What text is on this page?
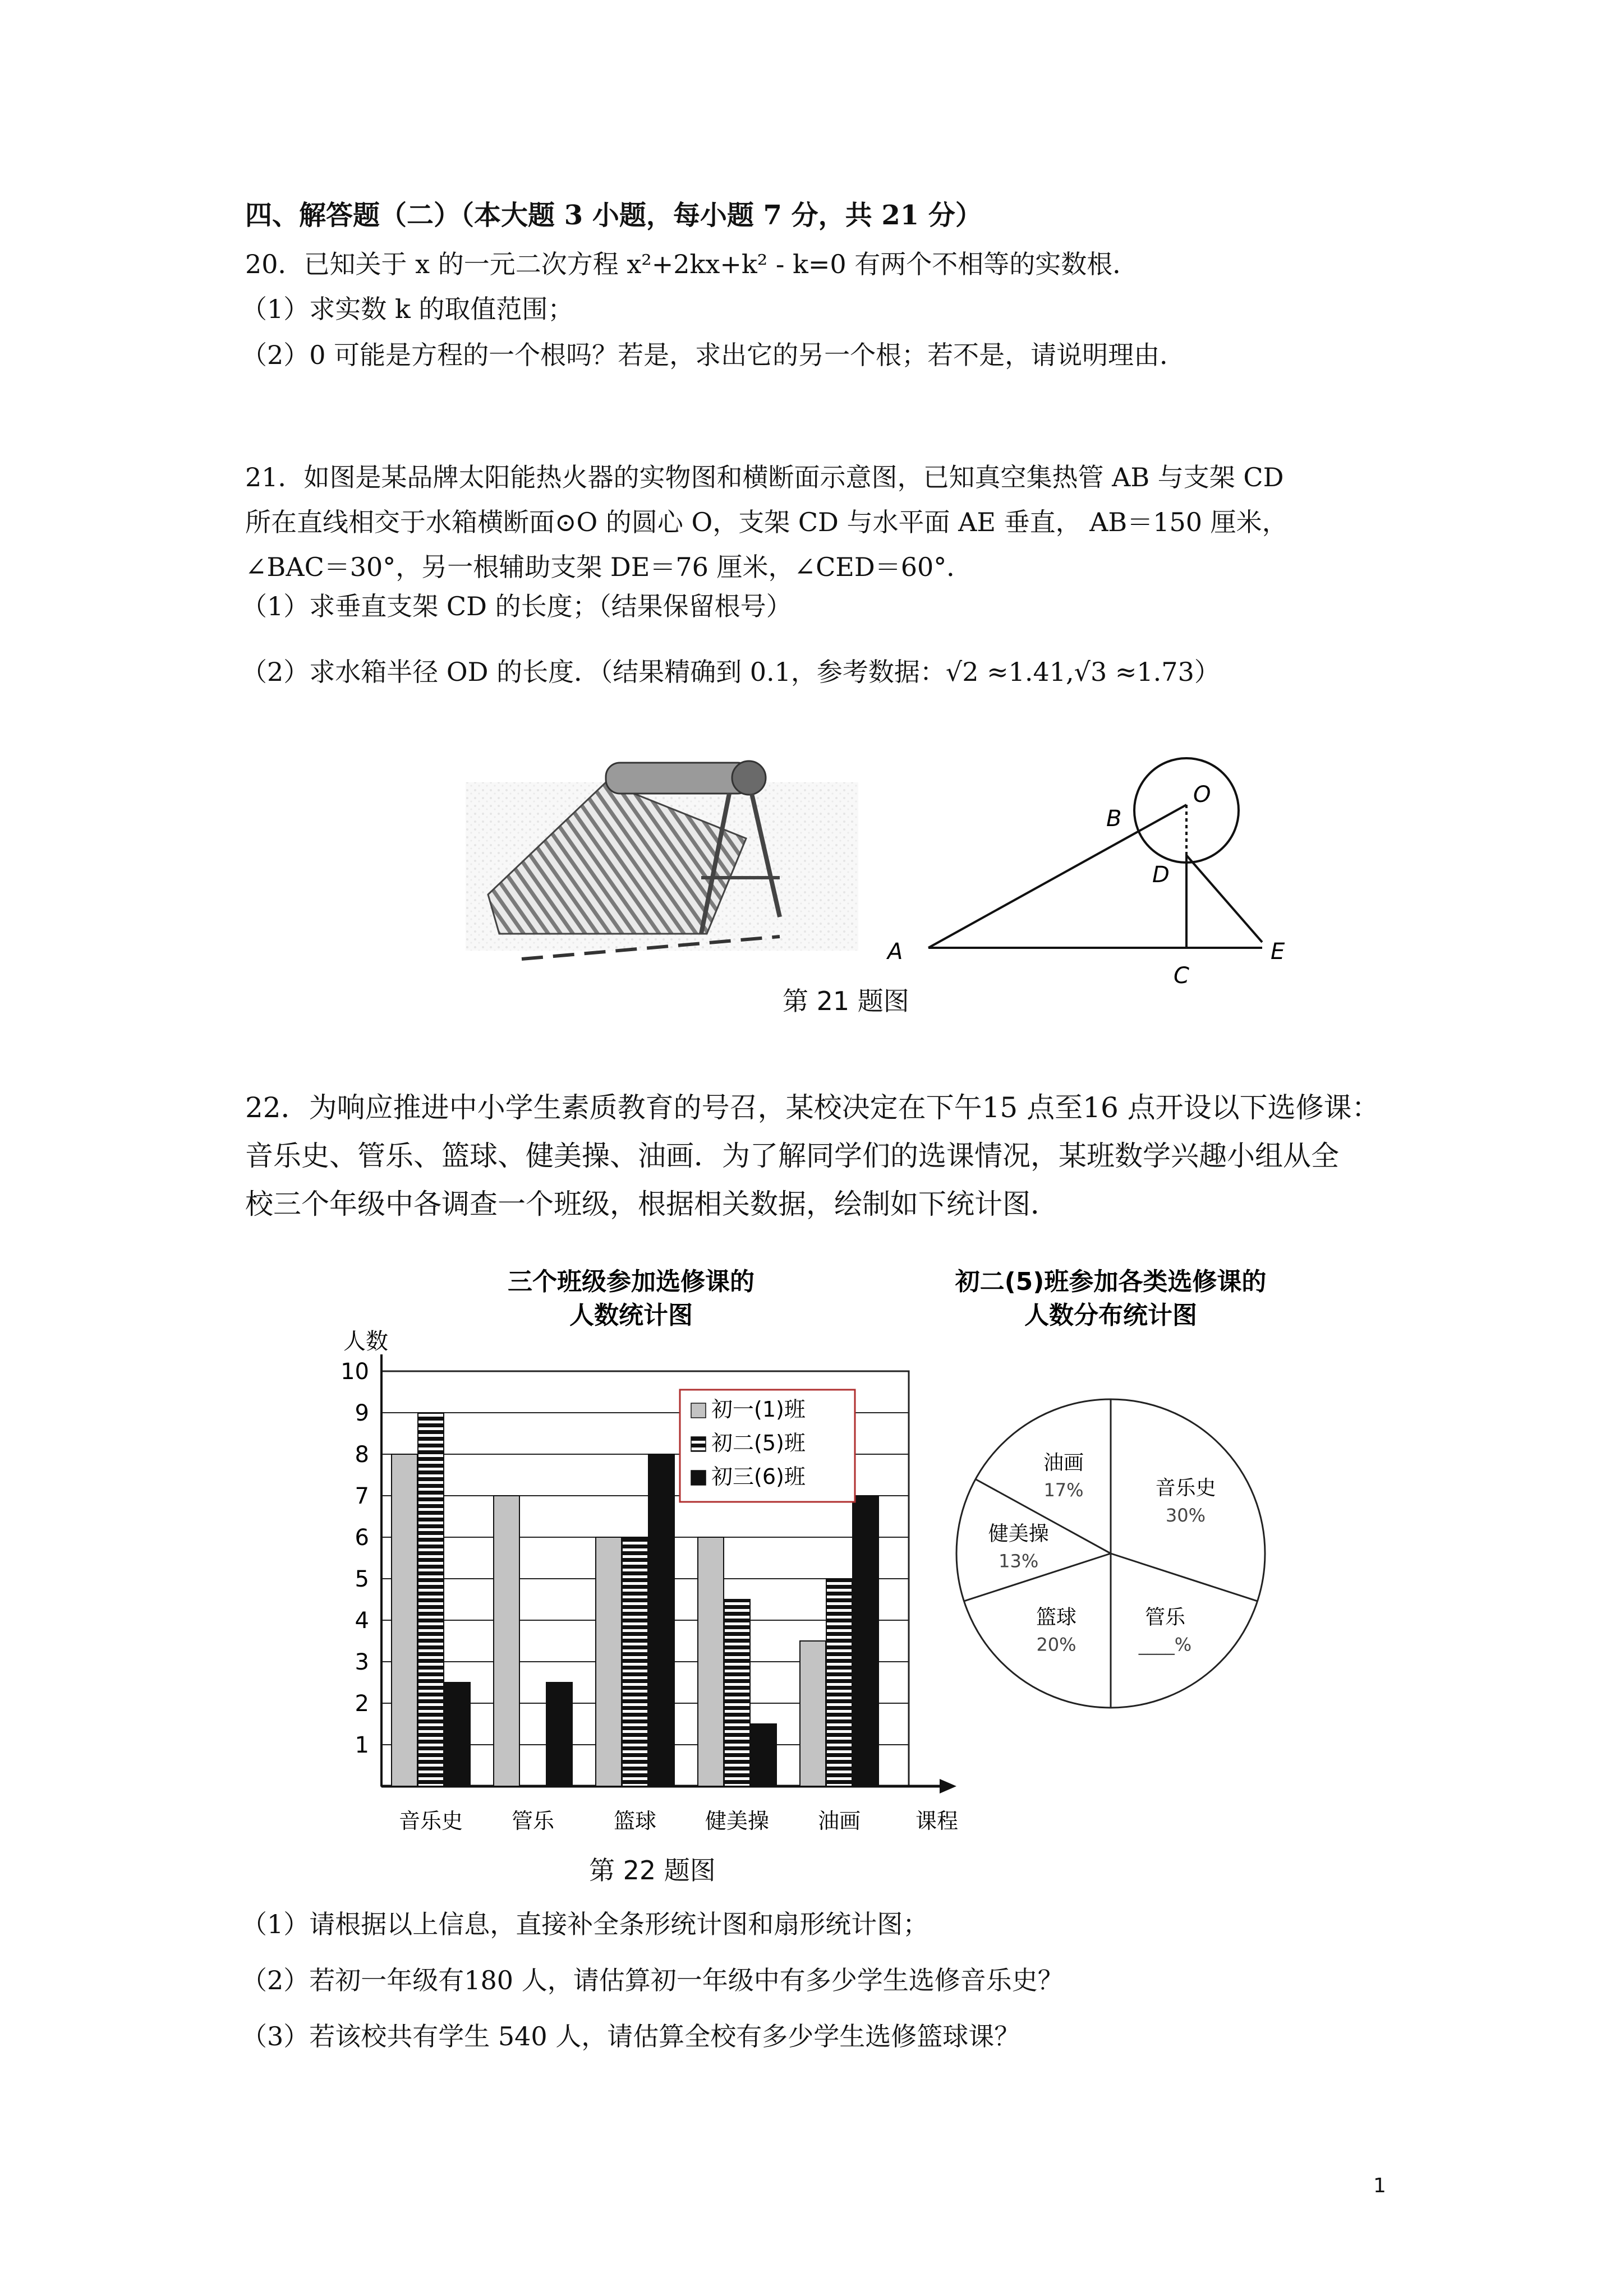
四、解答题（二）（本大题 3 小题，每小题 7 分，共 21 分）
20．已知关于 x 的一元二次方程 x²+2kx+k² - k=0 有两个不相等的实数根．
（1）求实数 k 的取值范围；
（2）0 可能是方程的一个根吗？若是，求出它的另一个根；若不是，请说明理由．
21．如图是某品牌太阳能热火器的实物图和横断面示意图，已知真空集热管 AB 与支架 CD
所在直线相交于水箱横断面⊙O 的圆心 O，支架 CD 与水平面 AE 垂直， AB＝150 厘米，
∠BAC＝30°，另一根辅助支架 DE＝76 厘米，∠CED＝60°．
（1）求垂直支架 CD 的长度；（结果保留根号）
（2）求水箱半径 OD 的长度．（结果精确到 0.1，参考数据：√2 ≈1.41,√3 ≈1.73）
O
B
D
A
C
E
第 21 题图
22．为响应推进中小学生素质教育的号召，某校决定在下午15 点至16 点开设以下选修课：
音乐史、管乐、篮球、健美操、油画．为了解同学们的选课情况，某班数学兴趣小组从全
校三个年级中各调查一个班级，根据相关数据，绘制如下统计图．
三个班级参加选修课的
人数统计图
人数
1
2
3
4
5
6
7
8
9
10
音乐史 管乐	篮球 健美操 油画	课程
初一(1)班
初二(5)班
初三(6)班
初二(5)班参加各类选修课的
人数分布统计图
音乐史
30%
管乐
____%
篮球
20%
健美操
13%
油画
17%
第 22 题图
（1）请根据以上信息，直接补全条形统计图和扇形统计图；
（2）若初一年级有180 人，请估算初一年级中有多少学生选修音乐史？
（3）若该校共有学生 540 人，请估算全校有多少学生选修篮球课？
1
